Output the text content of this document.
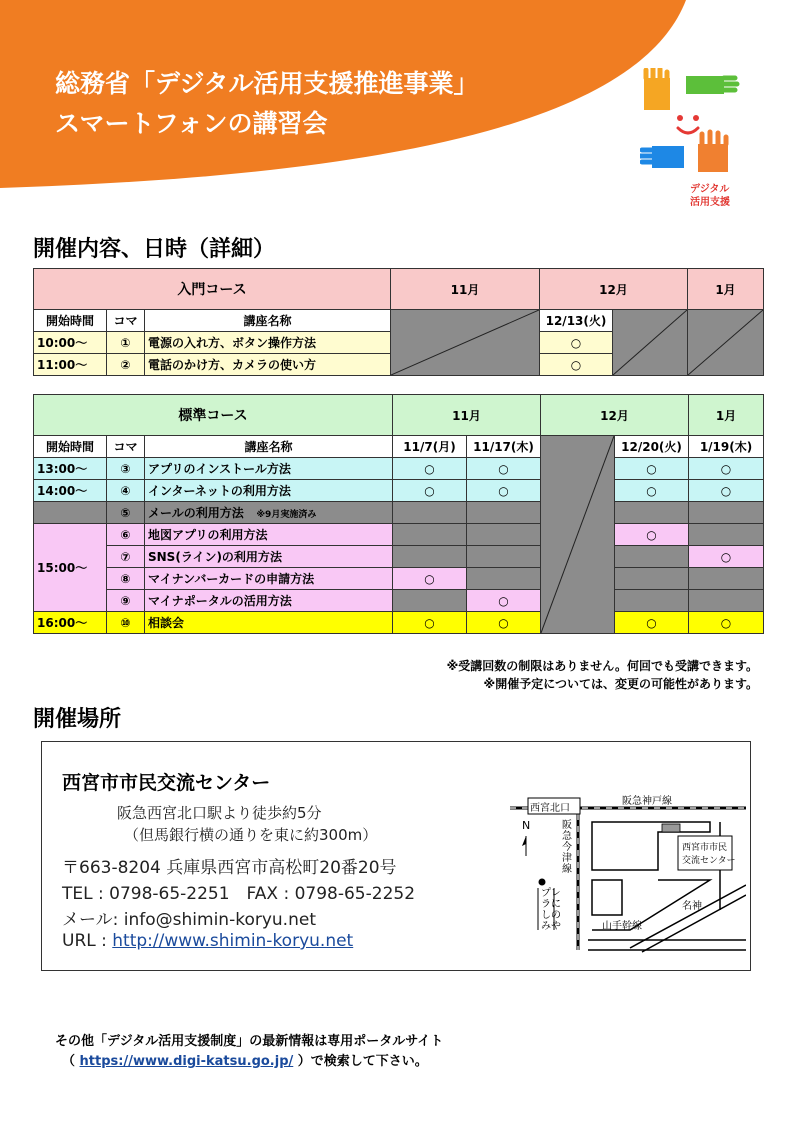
総務省「デジタル活用支援推進事業」
スマートフォンの講習会
デジタル
活用支援
開催内容、日時（詳細）
入門コース			11月	12月		1月
開始時間	コマ	講座名称		12/13(火)	

10:00～	①	電源の入れ方、ボタン操作方法		○		
11:00～	②	電話のかけ方、カメラの使い方		○		
標準コース			11月		12月		1月
開始時間	コマ	講座名称	11/7(月)	11/17(木)		12/20(火)	1/19(木)
13:00～	③	アプリのインストール方法	○	○		○	○
14:00～	④	インターネットの利用方法	○	○		○	○
	⑤	メールの利用方法 ※9月実施済み					
15:00～	⑥	地図アプリの利用方法				○	
	⑦	SNS(ライン)の利用方法					○
	⑧	マイナンバーカードの申請方法	○				
	⑨	マイナポータルの活用方法		○			
16:00～	⑩	相談会	○	○		○	○
※受講回数の制限はありません。何回でも受講できます。
※開催予定については、変更の可能性があります。
開催場所
西宮市市民交流センター
阪急西宮北口駅より徒歩約5分
（但馬銀行横の通りを東に約300m）
〒663-8204 兵庫県西宮市高松町20番20号
TEL : 0798-65-2251　FAX : 0798-65-2252
メール: info@shimin-koryu.net
URL : http://www.shimin-koryu.net
西宮北口
阪急神戸線
N	阪急今津線
西宮市市民
交流センター
プレラにしのみや
名神
山手幹線
その他「デジタル活用支援制度」の最新情報は専用ポータルサイト
（ https://www.digi-katsu.go.jp/ ）で検索して下さい。
